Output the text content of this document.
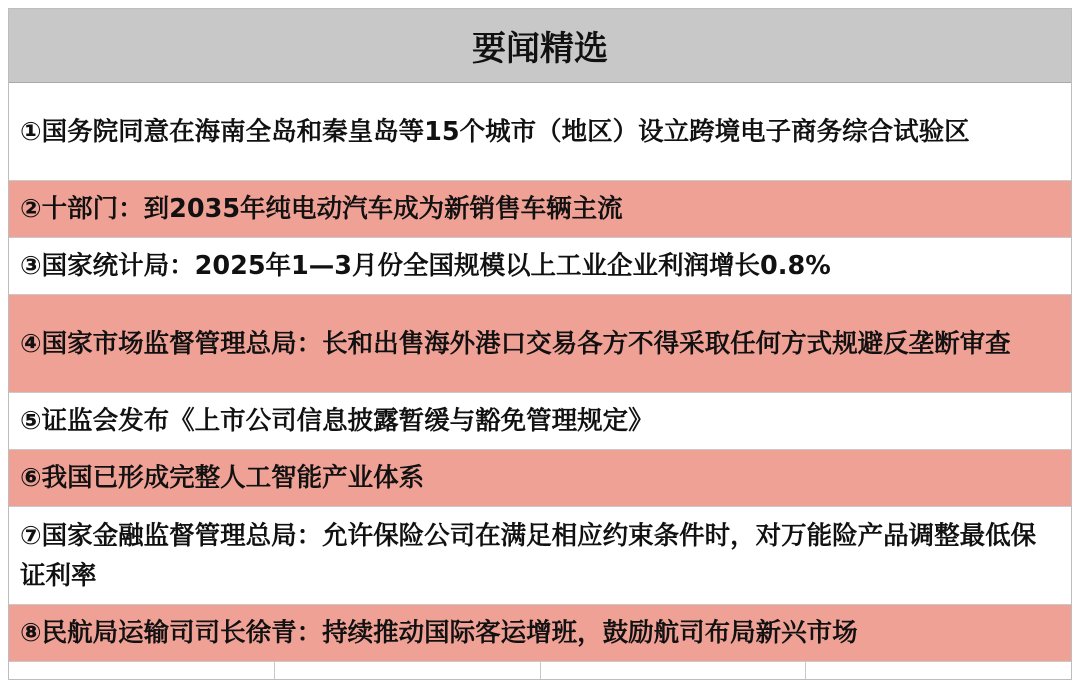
要闻精选
①国务院同意在海南全岛和秦皇岛等15个城市（地区）设立跨境电子商务综合试验区
②十部门：到2035年纯电动汽车成为新销售车辆主流
③国家统计局：2025年1—3月份全国规模以上工业企业利润增长0.8%
④国家市场监督管理总局：长和出售海外港口交易各方不得采取任何方式规避反垄断审查
⑤证监会发布《上市公司信息披露暂缓与豁免管理规定》
⑥我国已形成完整人工智能产业体系
⑦国家金融监督管理总局：允许保险公司在满足相应约束条件时，对万能险产品调整最低保证利率
⑧民航局运输司司长徐青：持续推动国际客运增班，鼓励航司布局新兴市场
